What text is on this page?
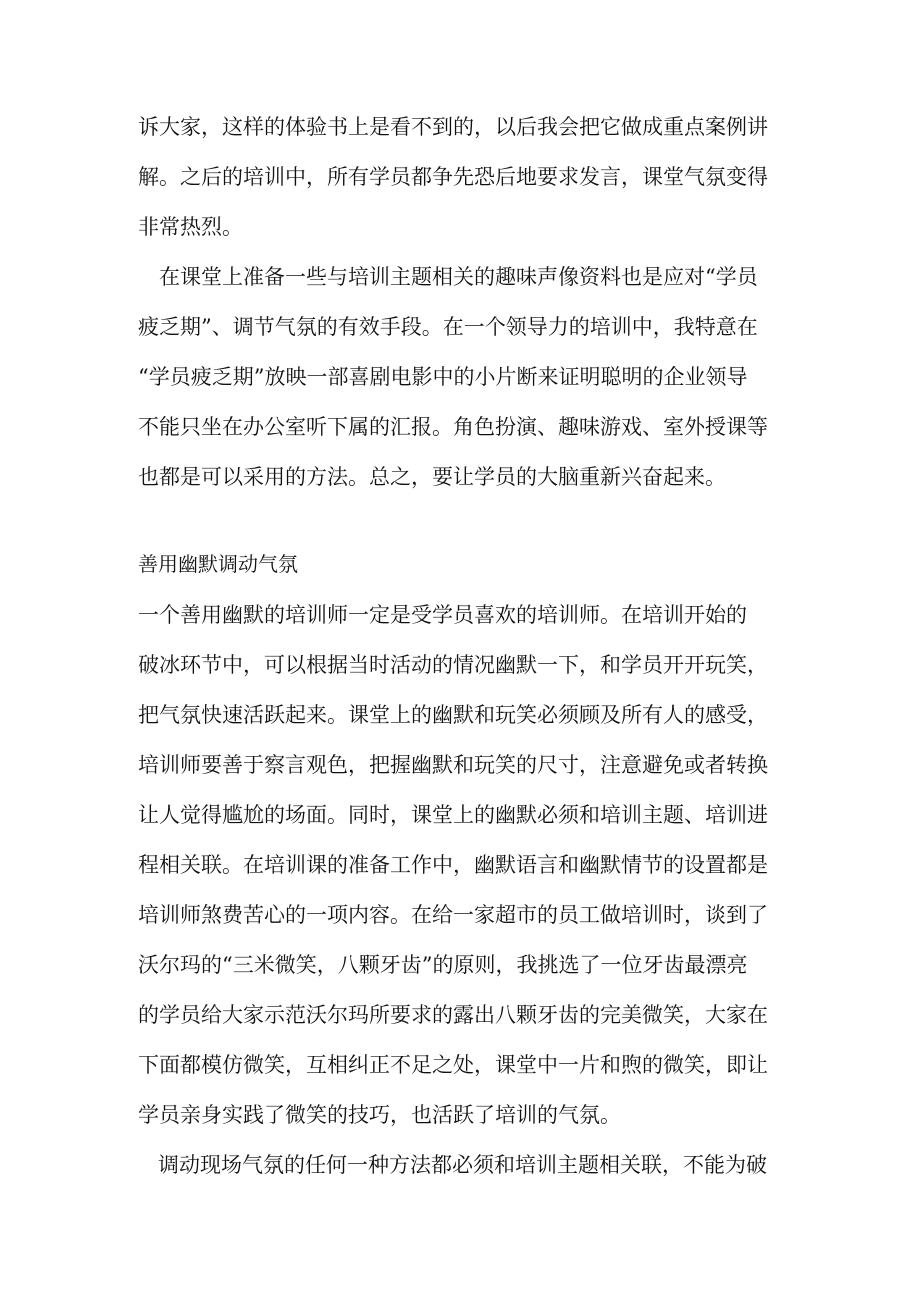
诉大家，这样的体验书上是看不到的，以后我会把它做成重点案例讲

解。之后的培训中，所有学员都争先恐后地要求发言，课堂气氛变得

非常热烈。

　在课堂上准备一些与培训主题相关的趣味声像资料也是应对“学员

疲乏期”、调节气氛的有效手段。在一个领导力的培训中，我特意在

“学员疲乏期”放映一部喜剧电影中的小片断来证明聪明的企业领导

不能只坐在办公室听下属的汇报。角色扮演、趣味游戏、室外授课等

也都是可以采用的方法。总之，要让学员的大脑重新兴奋起来。

善用幽默调动气氛

一个善用幽默的培训师一定是受学员喜欢的培训师。在培训开始的

破冰环节中，可以根据当时活动的情况幽默一下，和学员开开玩笑，

把气氛快速活跃起来。课堂上的幽默和玩笑必须顾及所有人的感受，

培训师要善于察言观色，把握幽默和玩笑的尺寸，注意避免或者转换

让人觉得尴尬的场面。同时，课堂上的幽默必须和培训主题、培训进

程相关联。在培训课的准备工作中，幽默语言和幽默情节的设置都是

培训师煞费苦心的一项内容。在给一家超市的员工做培训时，谈到了

沃尔玛的“三米微笑，八颗牙齿”的原则，我挑选了一位牙齿最漂亮

的学员给大家示范沃尔玛所要求的露出八颗牙齿的完美微笑，大家在

下面都模仿微笑，互相纠正不足之处，课堂中一片和煦的微笑，即让

学员亲身实践了微笑的技巧，也活跃了培训的气氛。

调动现场气氛的任何一种方法都必须和培训主题相关联，不能为破
